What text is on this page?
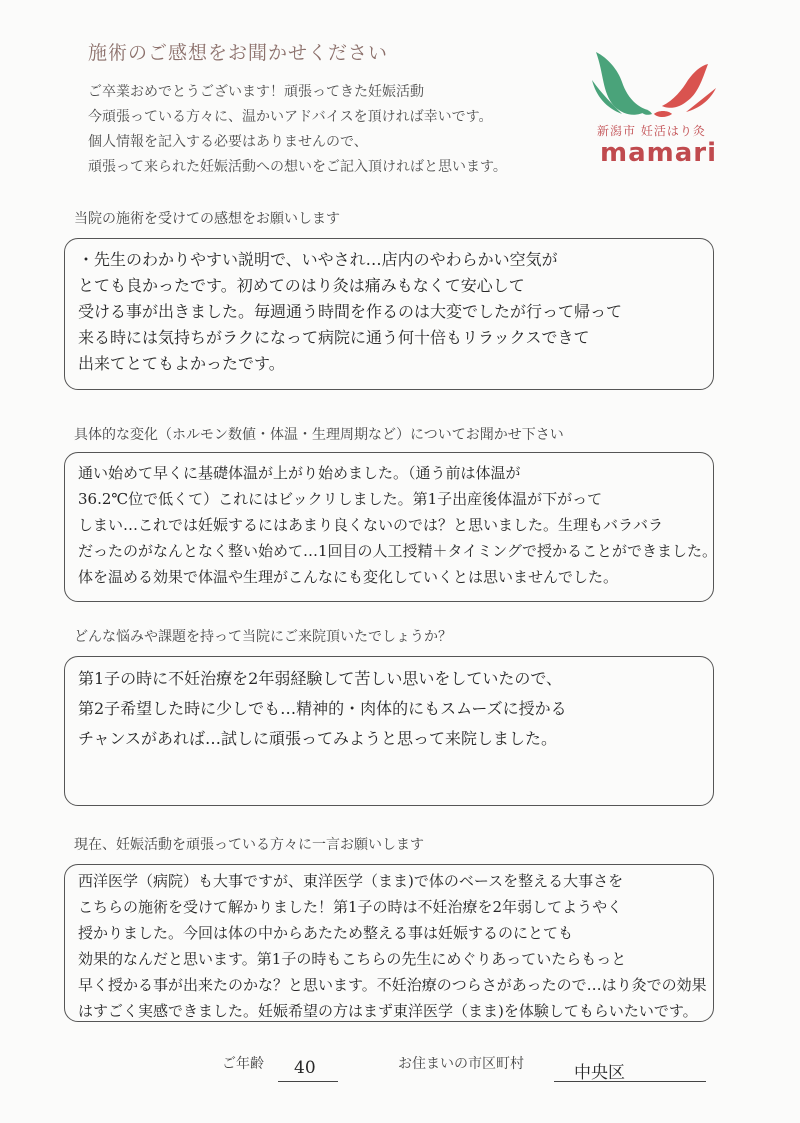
施術のご感想をお聞かせください
ご卒業おめでとうございます！頑張ってきた妊娠活動
今頑張っている方々に、温かいアドバイスを頂ければ幸いです。
個人情報を記入する必要はありませんので、
頑張って来られた妊娠活動への想いをご記入頂ければと思います。
新潟市 妊活はり灸
mamari
当院の施術を受けての感想をお願いします
・先生のわかりやすい説明で、いやされ…店内のやわらかい空気が
とても良かったです。初めてのはり灸は痛みもなくて安心して
受ける事が出きました。毎週通う時間を作るのは大変でしたが行って帰って
来る時には気持ちがラクになって病院に通う何十倍もリラックスできて
出来てとてもよかったです。
具体的な変化（ホルモン数値・体温・生理周期など）についてお聞かせ下さい
通い始めて早くに基礎体温が上がり始めました。（通う前は体温が
36.2℃位で低くて）これにはビックリしました。第1子出産後体温が下がって
しまい…これでは妊娠するにはあまり良くないのでは？と思いました。生理もバラバラ
だったのがなんとなく整い始めて…1回目の人工授精＋タイミングで授かることができました。
体を温める効果で体温や生理がこんなにも変化していくとは思いませんでした。
どんな悩みや課題を持って当院にご来院頂いたでしょうか？
第1子の時に不妊治療を2年弱経験して苦しい思いをしていたので、
第2子希望した時に少しでも…精神的・肉体的にもスムーズに授かる
チャンスがあれば…試しに頑張ってみようと思って来院しました。
現在、妊娠活動を頑張っている方々に一言お願いします
西洋医学（病院）も大事ですが、東洋医学（まま)で体のベースを整える大事さを
こちらの施術を受けて解かりました！第1子の時は不妊治療を2年弱してようやく
授かりました。今回は体の中からあたため整える事は妊娠するのにとても
効果的なんだと思います。第1子の時もこちらの先生にめぐりあっていたらもっと
早く授かる事が出来たのかな？と思います。不妊治療のつらさがあったので…はり灸での効果
はすごく実感できました。妊娠希望の方はまず東洋医学（まま)を体験してもらいたいです。
ご年齢 40	お住まいの市区町村	中央区
